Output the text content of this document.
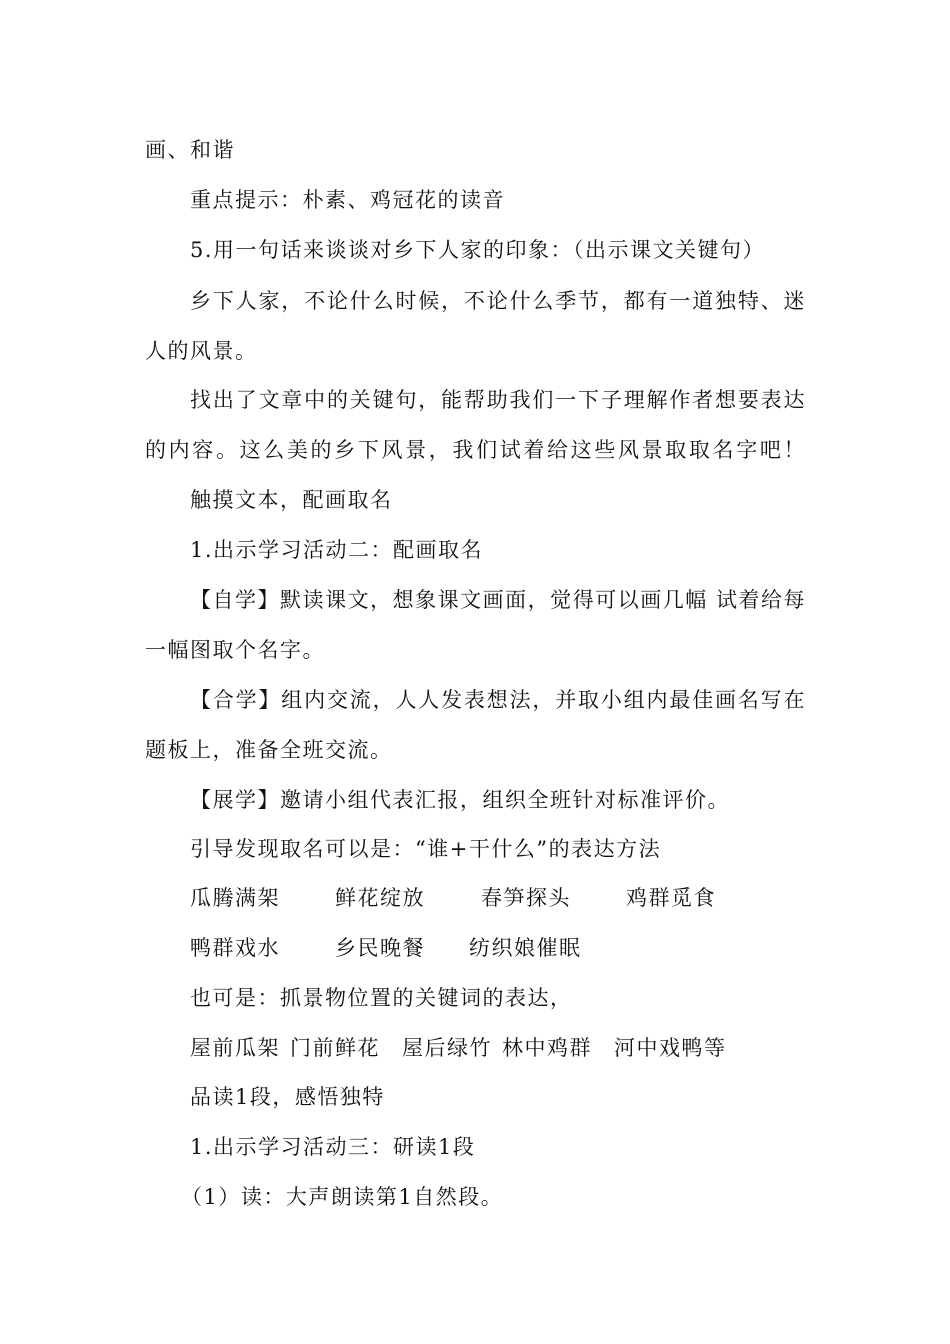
画、和谐
重点提示：朴素、鸡冠花的读音
5.用一句话来谈谈对乡下人家的印象：（出示课文关键句）
乡下人家，不论什么时候，不论什么季节，都有一道独特、迷
人的风景。
找出了文章中的关键句，能帮助我们一下子理解作者想要表达
的内容。这么美的乡下风景，我们试着给这些风景取取名字吧！
触摸文本，配画取名
1.出示学习活动二：配画取名
【自学】默读课文，想象课文画面，觉得可以画几幅 试着给每
一幅图取个名字。
【合学】组内交流，人人发表想法，并取小组内最佳画名写在
题板上，准备全班交流。
【展学】邀请小组代表汇报，组织全班针对标准评价。
引导发现取名可以是：“谁+干什么”的表达方法
瓜腾满架	鲜花绽放	春笋探头	鸡群觅食
鸭群戏水	乡民晚餐 纺织娘催眠
也可是：抓景物位置的关键词的表达，
屋前瓜架 门前鲜花 屋后绿竹 林中鸡群 河中戏鸭等
品读1段，感悟独特
1.出示学习活动三：研读1段
（1）读：大声朗读第1自然段。
